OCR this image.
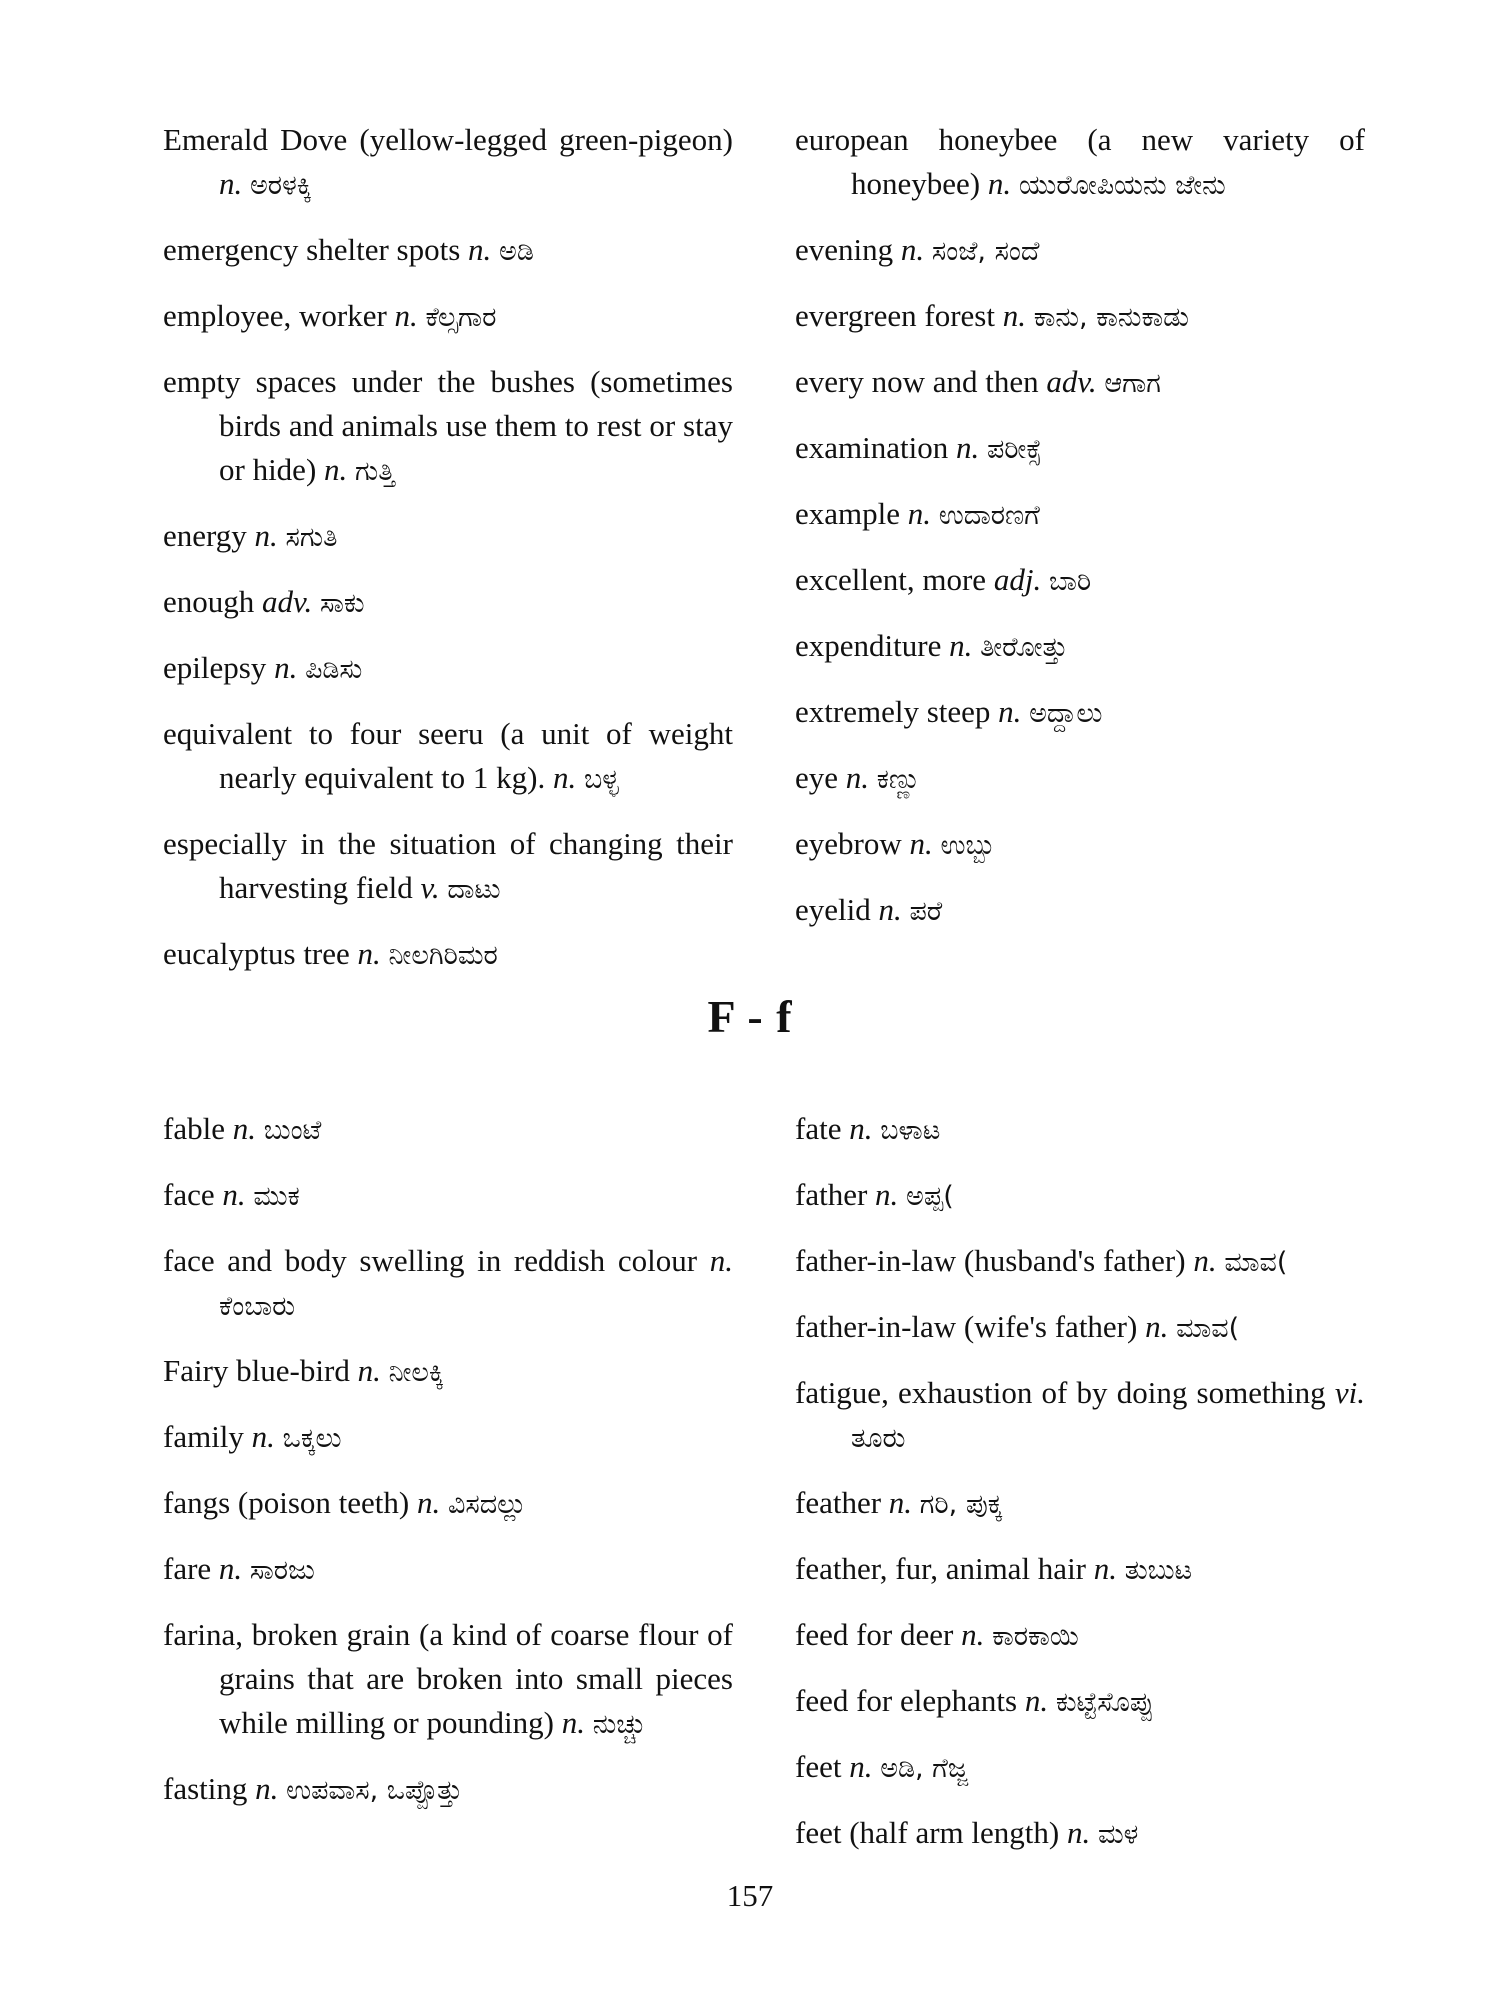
Emerald Dove (yellow-legged green-pigeon) n. ಅರಳಕ್ಕಿ

emergency shelter spots n. ಅಡಿ

employee, worker n. ಕೆಲ್ಸಗಾರ

empty spaces under the bushes (sometimes birds and animals use them to rest or stay or hide) n. ಗುತ್ತಿ

energy n. ಸಗುತಿ

enough adv. ಸಾಕು

epilepsy n. ಪಿಡಿಸು

equivalent to four seeru (a unit of weight nearly equivalent to 1 kg). n. ಬಳ್ಳ

especially in the situation of changing their harvesting field v. ದಾಟು

eucalyptus tree n. ನೀಲಗಿರಿಮರ

european honeybee (a new variety of honeybee) n. ಯುರೋಪಿಯನು ಜೇನು

evening n. ಸಂಜೆ, ಸಂದೆ

evergreen forest n. ಕಾನು, ಕಾನುಕಾಡು

every now and then adv. ಆಗಾಗ

examination n. ಪರೀಕ್ಸೆ

example n. ಉದಾರಣಗೆ

excellent, more adj. ಬಾರಿ

expenditure n. ತೀರೋತ್ತು

extremely steep n. ಅದ್ದಾಲು

eye n. ಕಣ್ಣು

eyebrow n. ಉಬ್ಬು

eyelid n. ಪರೆ

F - f

fable n. ಬುಂಟೆ

face n. ಮುಕ

face and body swelling in reddish colour n. ಕೆಂಬಾರು

Fairy blue-bird n. ನೀಲಕ್ಕಿ

family n. ಒಕ್ಕಲು

fangs (poison teeth) n. ವಿಸದಲ್ಲು

fare n. ಸಾರಜು

farina, broken grain (a kind of coarse flour of grains that are broken into small pieces while milling or pounding) n. ನುಚ್ಚು

fasting n. ಉಪವಾಸ, ಒಪ್ಪೊತ್ತು

fate n. ಬಳಾಟ

father n. ಅಪ್ಪ(

father-in-law (husband's father) n. ಮಾವ(

father-in-law (wife's father) n. ಮಾವ(

fatigue, exhaustion of by doing something vi. ತೂರು

feather n. ಗರಿ, ಪುಕ್ಕ

feather, fur, animal hair n. ತುಬುಟ

feed for deer n. ಕಾರಕಾಯಿ

feed for elephants n. ಕುಟ್ಟೆಸೊಪ್ಪು

feet n. ಅಡಿ, ಗೆಜ್ಜ

feet (half arm length) n. ಮಳ

157
